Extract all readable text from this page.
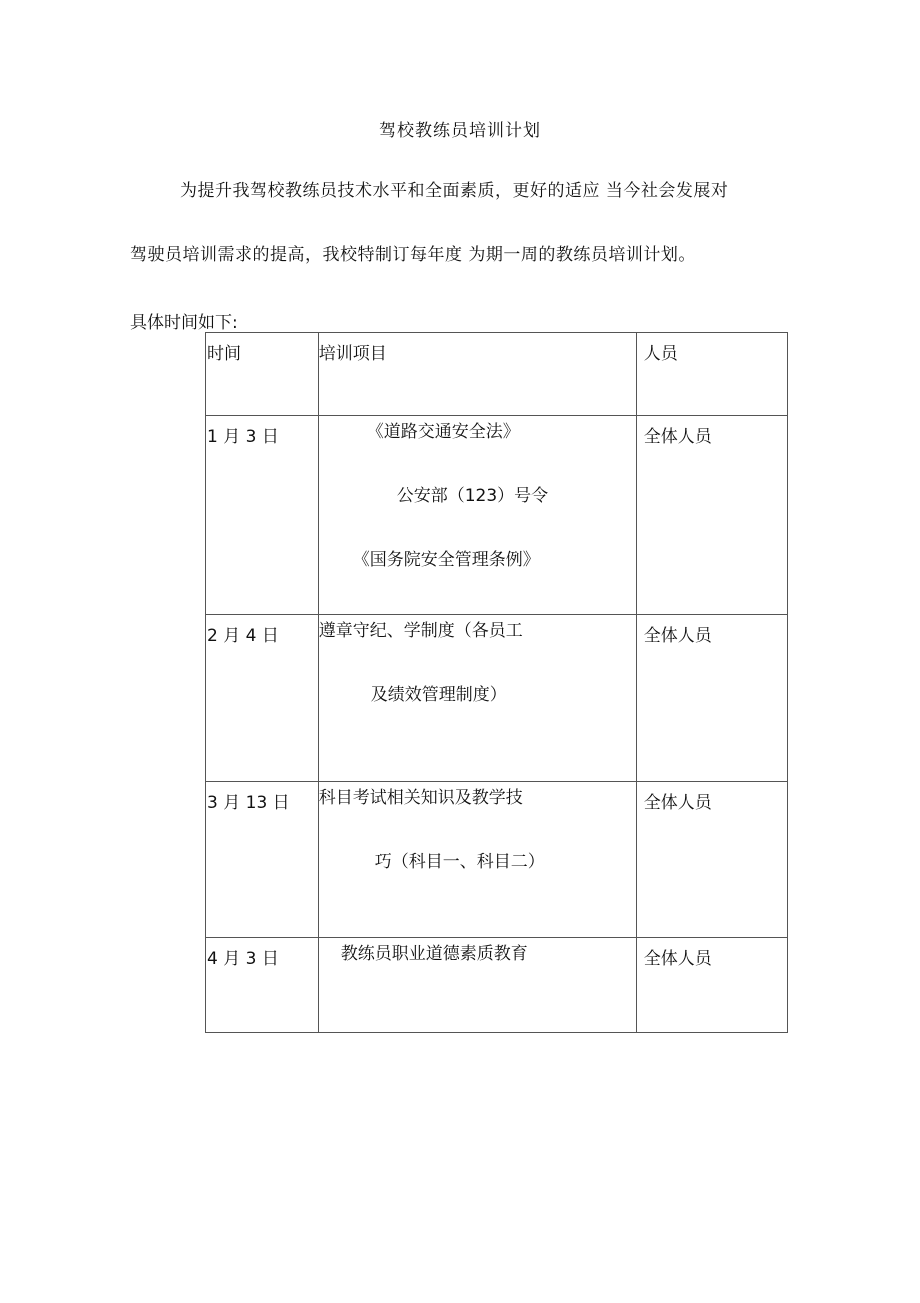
驾校教练员培训计划
为提升我驾校教练员技术水平和全面素质，更好的适应 当今社会发展对
驾驶员培训需求的提高，我校特制订每年度 为期一周的教练员培训计划。
具体时间如下:
时间	培训项目	人员

1 月 3 日	《道路交通安全法》
公安部（123）号令
《国务院安全管理条例》	全体人员

2 月 4 日	遵章守纪、学制度（各员工
及绩效管理制度）	全体人员

3 月 13 日	科目考试相关知识及教学技
巧（科目一、科目二）	全体人员

4 月 3 日	教练员职业道德素质教育	全体人员
